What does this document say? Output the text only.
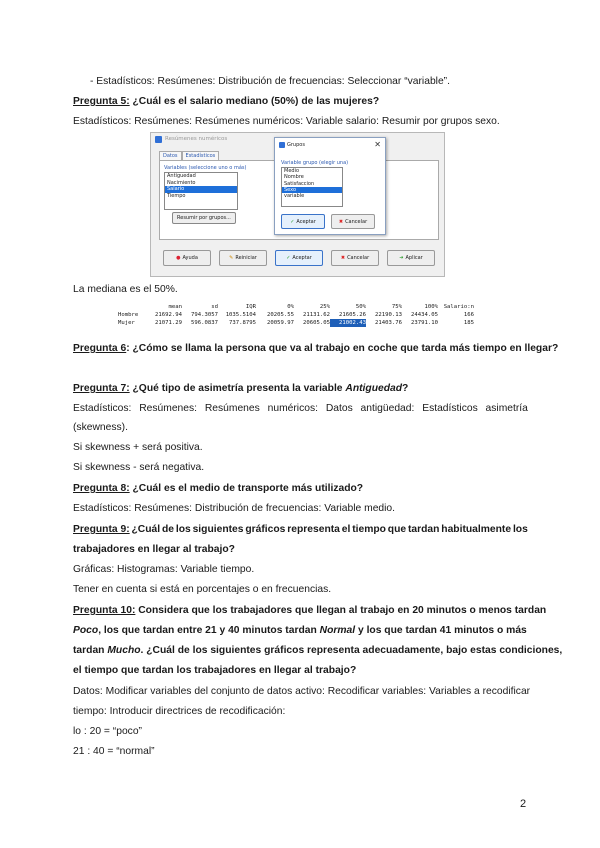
- Estadísticos: Resúmenes: Distribución de frecuencias: Seleccionar “variable”.
Pregunta 5: ¿Cuál es el salario mediano (50%) de las mujeres?
Estadísticos: Resúmenes: Resúmenes numéricos: Variable salario: Resumir por grupos sexo.
Resúmenes numéricos
Datos	Estadísticos
Variables (seleccione uno o más)
Antiguedad
Nacimiento
Salario
Tiempo
Resumir por grupos...
● Ayuda	✎ Reiniciar	✓ Aceptar	✖ Cancelar	➜ Aplicar
Grupos	✕
Variable grupo (elegir una)
Medio
Nombre
Satisfaccion
Sexo
variable
✓ Aceptar	✖ Cancelar
La mediana es el 50%.
mean	sd	IQR	0%	25%	50%	75%	100%	Salario:n
Hombre	21692.94	794.3057	1035.5104	20205.55	21131.62	21605.26	22190.13	24434.05	166
Mujer	21071.29	596.0837	737.8795	20059.97	20605.05	21002.43	21403.76	23791.10	185
Pregunta 6: ¿Cómo se llama la persona que va al trabajo en coche que tarda más tiempo en llegar?
Pregunta 7: ¿Qué tipo de asimetría presenta la variable Antiguedad?
Estadísticos: Resúmenes: Resúmenes numéricos: Datos antigüedad: Estadísticos asimetría
(skewness).
Si skewness + será positiva.
Si skewness - será negativa.
Pregunta 8: ¿Cuál es el medio de transporte más utilizado?
Estadísticos: Resúmenes: Distribución de frecuencias: Variable medio.
Pregunta 9: ¿Cuál de los siguientes gráficos representa el tiempo que tardan habitualmente los
trabajadores en llegar al trabajo?
Gráficas: Histogramas: Variable tiempo.
Tener en cuenta si está en porcentajes o en frecuencias.
Pregunta 10: Considera que los trabajadores que llegan al trabajo en 20 minutos o menos tardan
Poco, los que tardan entre 21 y 40 minutos tardan Normal y los que tardan 41 minutos o más
tardan Mucho. ¿Cuál de los siguientes gráficos representa adecuadamente, bajo estas condiciones,
el tiempo que tardan los trabajadores en llegar al trabajo?
Datos: Modificar variables del conjunto de datos activo: Recodificar variables: Variables a recodificar
tiempo: Introducir directrices de recodificación:
lo : 20 = “poco”
21 : 40 = “normal”
2
